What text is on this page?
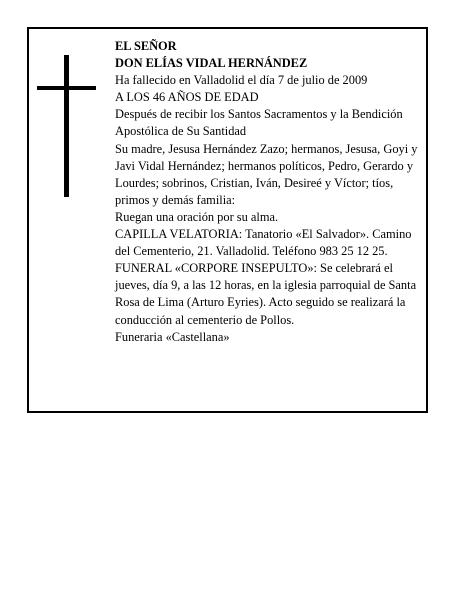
EL SEÑOR

DON ELÍAS VIDAL HERNÁNDEZ

Ha fallecido en Valladolid el día 7 de julio de 2009

A LOS 46 AÑOS DE EDAD

Después de recibir los Santos Sacramentos y la Bendición Apostólica de Su Santidad

Su madre, Jesusa Hernández Zazo; hermanos, Jesusa, Goyi y Javi Vidal Hernández; hermanos políticos, Pedro, Gerardo y Lourdes; sobrinos, Cristian, Iván, Desireé y Víctor; tíos, primos y demás familia:

Ruegan una oración por su alma.

CAPILLA VELATORIA: Tanatorio «El Salvador». Camino del Cementerio, 21. Valladolid. Teléfono 983 25 12 25.

FUNERAL «CORPORE INSEPULTO»: Se celebrará el jueves, día 9, a las 12 horas, en la iglesia parroquial de Santa Rosa de Lima (Arturo Eyries). Acto seguido se realizará la conducción al cementerio de Pollos.

Funeraria «Castellana»
